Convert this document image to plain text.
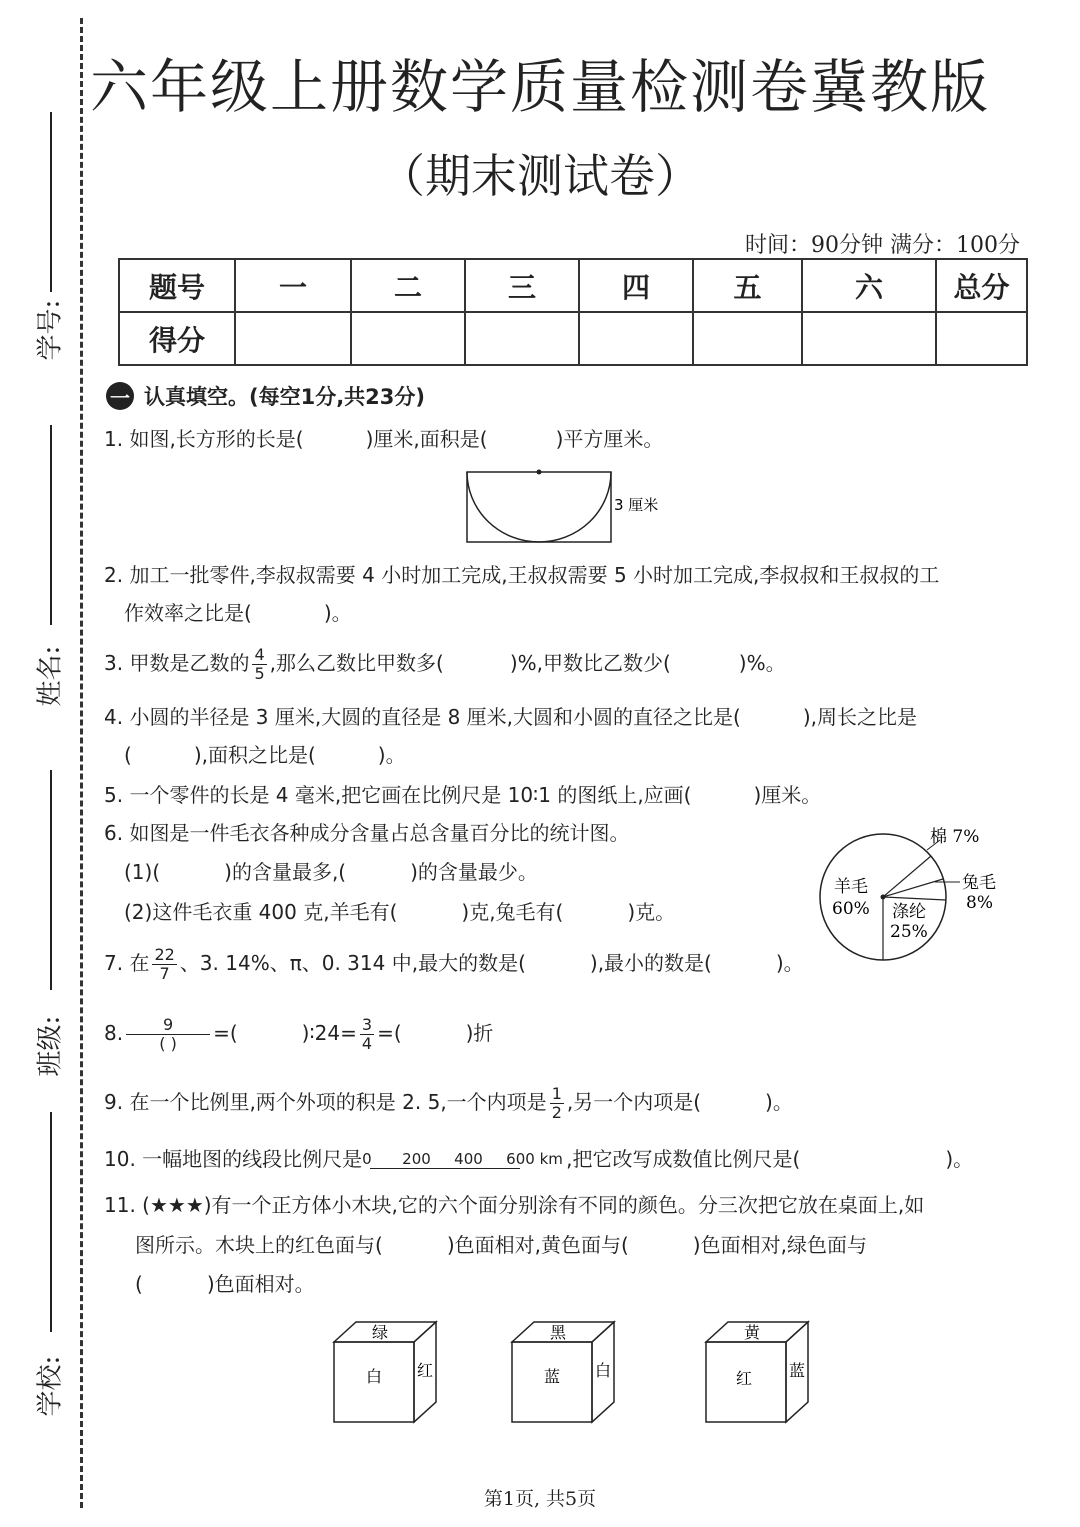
学号:
姓名:
班级:
学校:
六年级上册数学质量检测卷冀教版
（期末测试卷）
时间：90分钟 满分：100分
题号	一	二	三	四	五	六	总分
得分							
一 认真填空。(每空1分,共23分)
1. 如图,长方形的长是(	)厘米,面积是(	)平方厘米。
3 厘米
2. 加工一批零件,李叔叔需要 4 小时加工完成,王叔叔需要 5 小时加工完成,李叔叔和王叔叔的工
作效率之比是(	)。
3. 甲数是乙数的 $\frac{4}{5}$ ,那么乙数比甲数多(	)%,甲数比乙数少(	)%。
4. 小圆的半径是 3 厘米,大圆的直径是 8 厘米,大圆和小圆的直径之比是(	),周长之比是
(	),面积之比是(	)。
5. 一个零件的长是 4 毫米,把它画在比例尺是 10∶1 的图纸上,应画(	)厘米。
6. 如图是一件毛衣各种成分含量占总含量百分比的统计图。
(1)(	)的含量最多,(	)的含量最少。
(2)这件毛衣重 400 克,羊毛有(	)克,兔毛有(	)克。
棉 7%
兔毛
8%
羊毛
60% 涤纶
25%
7. 在 $\frac{22}{7}$ 、3. 14%、π、0. 314 中,最大的数是(	),最小的数是(	)。
8. $\frac{9}{( )}$ =(	)∶24= $\frac{3}{4}$ =(	)折
9. 在一个比例里,两个外项的积是 2. 5,一个内项是 $\frac{1}{2}$ ,另一个内项是(	)。
10. 一幅地图的线段比例尺是 0 200 400 600 km ,把它改写成数值比例尺是(	)。
11. (★★★)有一个正方体小木块,它的六个面分别涂有不同的颜色。分三次把它放在桌面上,如
图所示。木块上的红色面与(	)色面相对,黄色面与(	)色面相对,绿色面与
(	)色面相对。
绿
白 红
黑
蓝 白
黄
红 蓝
第1页, 共5页
